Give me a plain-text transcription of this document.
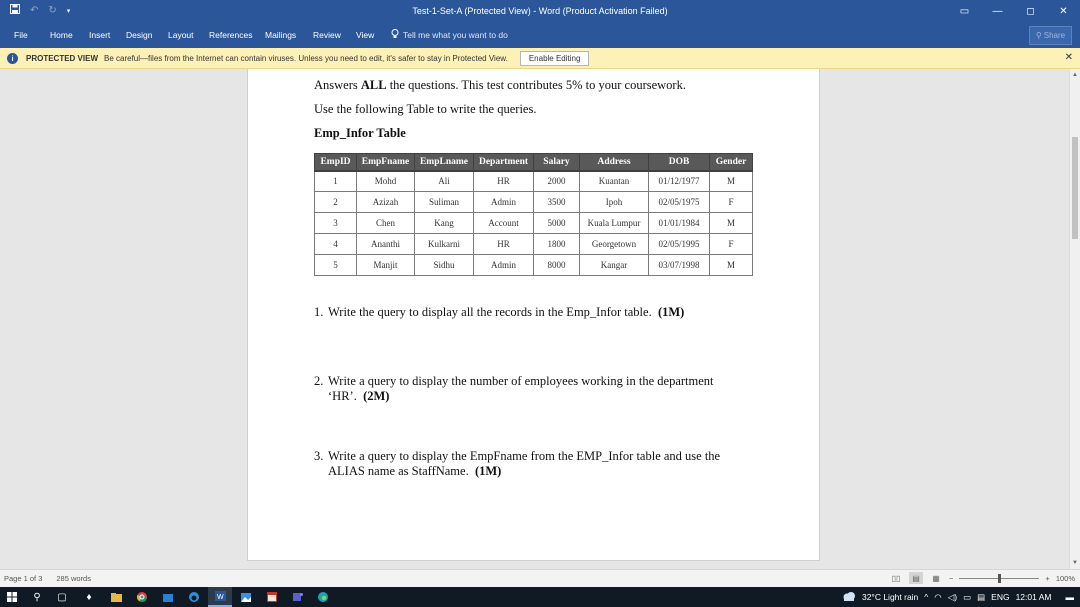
↶ ↻ ▾	Test-1-Set-A (Protected View) - Word (Product Activation Failed)	▭	—	◻	✕
File	Home Insert Design Layout References Mailings Review View	Tell me what you want to do	⚲ Share
i	PROTECTED VIEW Be careful—files from the Internet can contain viruses. Unless you need to edit, it's safer to stay in Protected View.	Enable Editing	✕
Answers ALL the questions. This test contributes 5% to your coursework.
Use the following Table to write the queries.
Emp_Infor Table
EmpID	EmpFname	EmpLname	Department	Salary	Address	DOB	Gender
1	Mohd	Ali	HR	2000	Kuantan	01/12/1977	M
2	Azizah	Suliman	Admin	3500	Ipoh	02/05/1975	F
3	Chen	Kang	Account	5000	Kuala Lumpur	01/01/1984	M
4	Ananthi	Kulkarni	HR	1800	Georgetown	02/05/1995	F
5	Manjit	Sidhu	Admin	8000	Kangar	03/07/1998	M
1. Write the query to display all the records in the Emp_Infor table. (1M)
2. Write a query to display the number of employees working in the department
‘HR’. (2M)
3. Write a query to display the EmpFname from the EMP_Infor table and use the
ALIAS name as StaffName. (1M)
▲
▼
Page 1 of 3 285 words	▯▯	▤	▦	−	+ 100%
⚲	▢	♦	W	32°C Light rain ^ ◠ ◁) ▭ ▤ ENG 12:01 AM ▬
